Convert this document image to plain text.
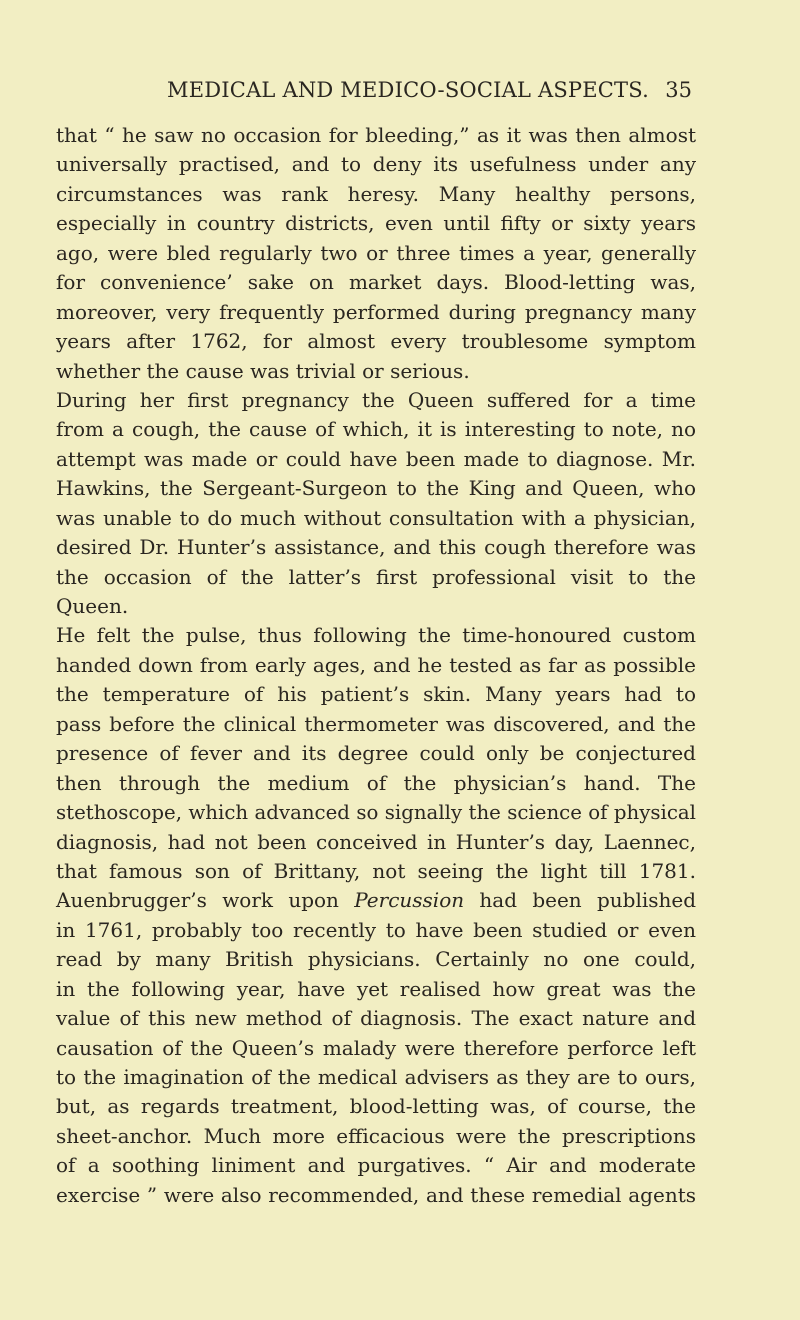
MEDICAL AND MEDICO-SOCIAL ASPECTS. 35
that “ he saw no occasion for bleeding,” as it was then almost
universally practised, and to deny its usefulness under any
circumstances was rank heresy. Many healthy persons,
especially in country districts, even until fifty or sixty years
ago, were bled regularly two or three times a year, generally
for convenience’ sake on market days. Blood-letting was,
moreover, very frequently performed during pregnancy many
years after 1762, for almost every troublesome symptom
whether the cause was trivial or serious.
During her first pregnancy the Queen suffered for a time
from a cough, the cause of which, it is interesting to note, no
attempt was made or could have been made to diagnose. Mr.
Hawkins, the Sergeant-Surgeon to the King and Queen, who
was unable to do much without consultation with a physician,
desired Dr. Hunter’s assistance, and this cough therefore was
the occasion of the latter’s first professional visit to the
Queen.
He felt the pulse, thus following the time-honoured custom
handed down from early ages, and he tested as far as possible
the temperature of his patient’s skin. Many years had to
pass before the clinical thermometer was discovered, and the
presence of fever and its degree could only be conjectured
then through the medium of the physician’s hand. The
stethoscope, which advanced so signally the science of physical
diagnosis, had not been conceived in Hunter’s day, Laennec,
that famous son of Brittany, not seeing the light till 1781.
Auenbrugger’s work upon Percussion had been published
in 1761, probably too recently to have been studied or even
read by many British physicians. Certainly no one could,
in the following year, have yet realised how great was the
value of this new method of diagnosis. The exact nature and
causation of the Queen’s malady were therefore perforce left
to the imagination of the medical advisers as they are to ours,
but, as regards treatment, blood-letting was, of course, the
sheet-anchor. Much more efficacious were the prescriptions
of a soothing liniment and purgatives. “ Air and moderate
exercise ” were also recommended, and these remedial agents
